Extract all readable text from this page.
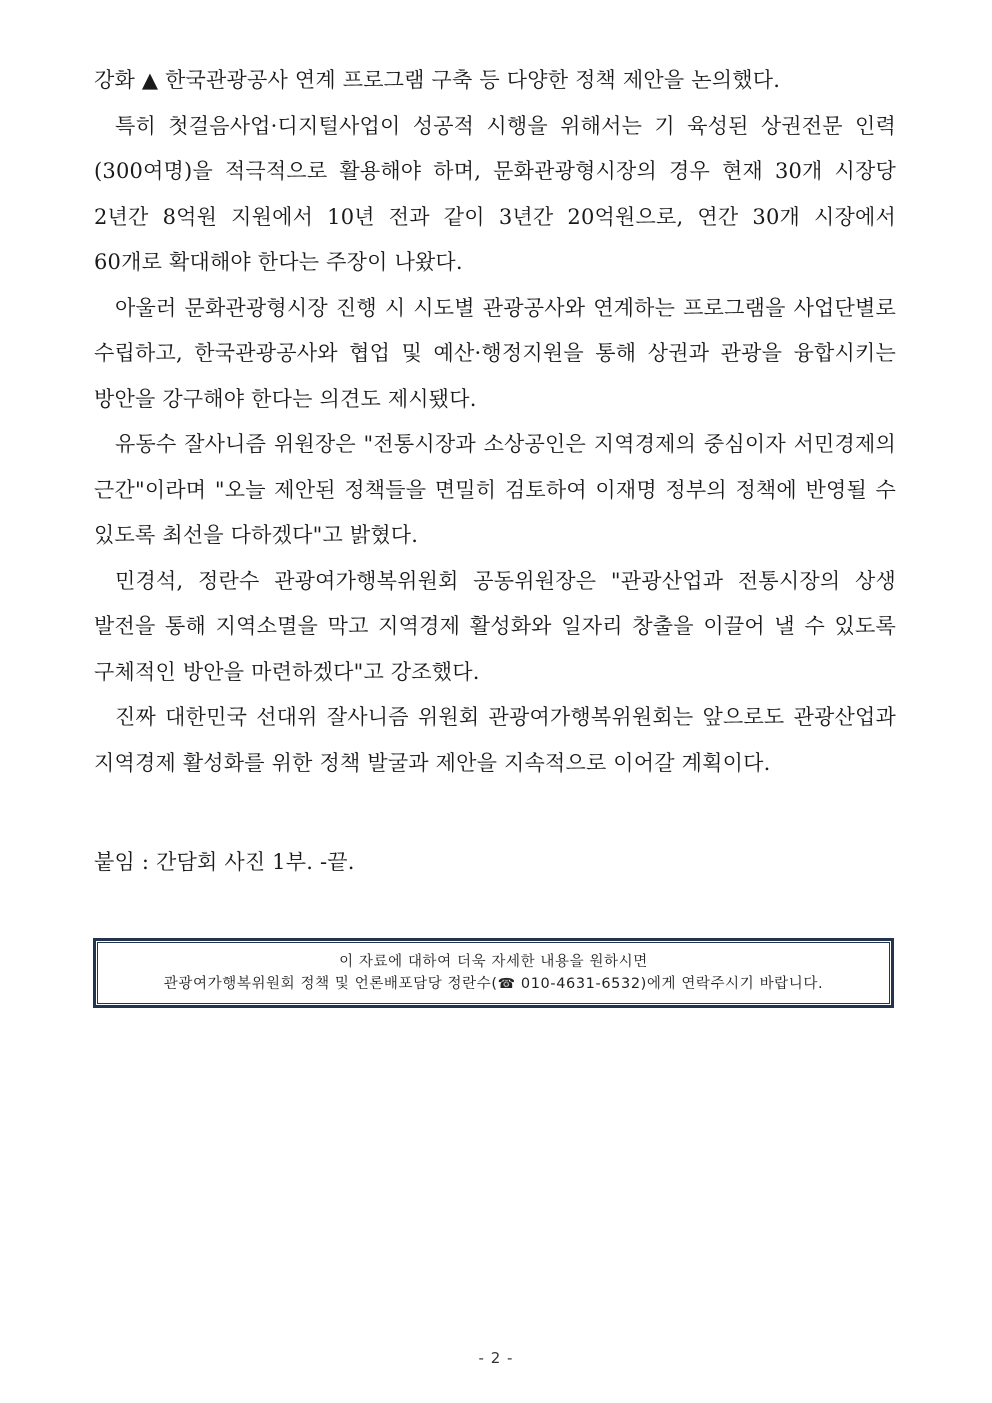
강화 ▲ 한국관광공사 연계 프로그램 구축 등 다양한 정책 제안을 논의했다.

특히 첫걸음사업·디지털사업이 성공적 시행을 위해서는 기 육성된 상권전문 인력(300여명)을 적극적으로 활용해야 하며, 문화관광형시장의 경우 현재 30개 시장당 2년간 8억원 지원에서 10년 전과 같이 3년간 20억원으로, 연간 30개 시장에서 60개로 확대해야 한다는 주장이 나왔다.

아울러 문화관광형시장 진행 시 시도별 관광공사와 연계하는 프로그램을 사업단별로 수립하고, 한국관광공사와 협업 및 예산·행정지원을 통해 상권과 관광을 융합시키는 방안을 강구해야 한다는 의견도 제시됐다.

유동수 잘사니즘 위원장은 "전통시장과 소상공인은 지역경제의 중심이자 서민경제의 근간"이라며 "오늘 제안된 정책들을 면밀히 검토하여 이재명 정부의 정책에 반영될 수 있도록 최선을 다하겠다"고 밝혔다.

민경석, 정란수 관광여가행복위원회 공동위원장은 "관광산업과 전통시장의 상생 발전을 통해 지역소멸을 막고 지역경제 활성화와 일자리 창출을 이끌어 낼 수 있도록 구체적인 방안을 마련하겠다"고 강조했다.

진짜 대한민국 선대위 잘사니즘 위원회 관광여가행복위원회는 앞으로도 관광산업과 지역경제 활성화를 위한 정책 발굴과 제안을 지속적으로 이어갈 계획이다.

붙임 : 간담회 사진 1부. -끝.
이 자료에 대하여 더욱 자세한 내용을 원하시면
관광여가행복위원회 정책 및 언론배포담당 정란수(☎ 010-4631-6532)에게 연락주시기 바랍니다.
- 2 -
